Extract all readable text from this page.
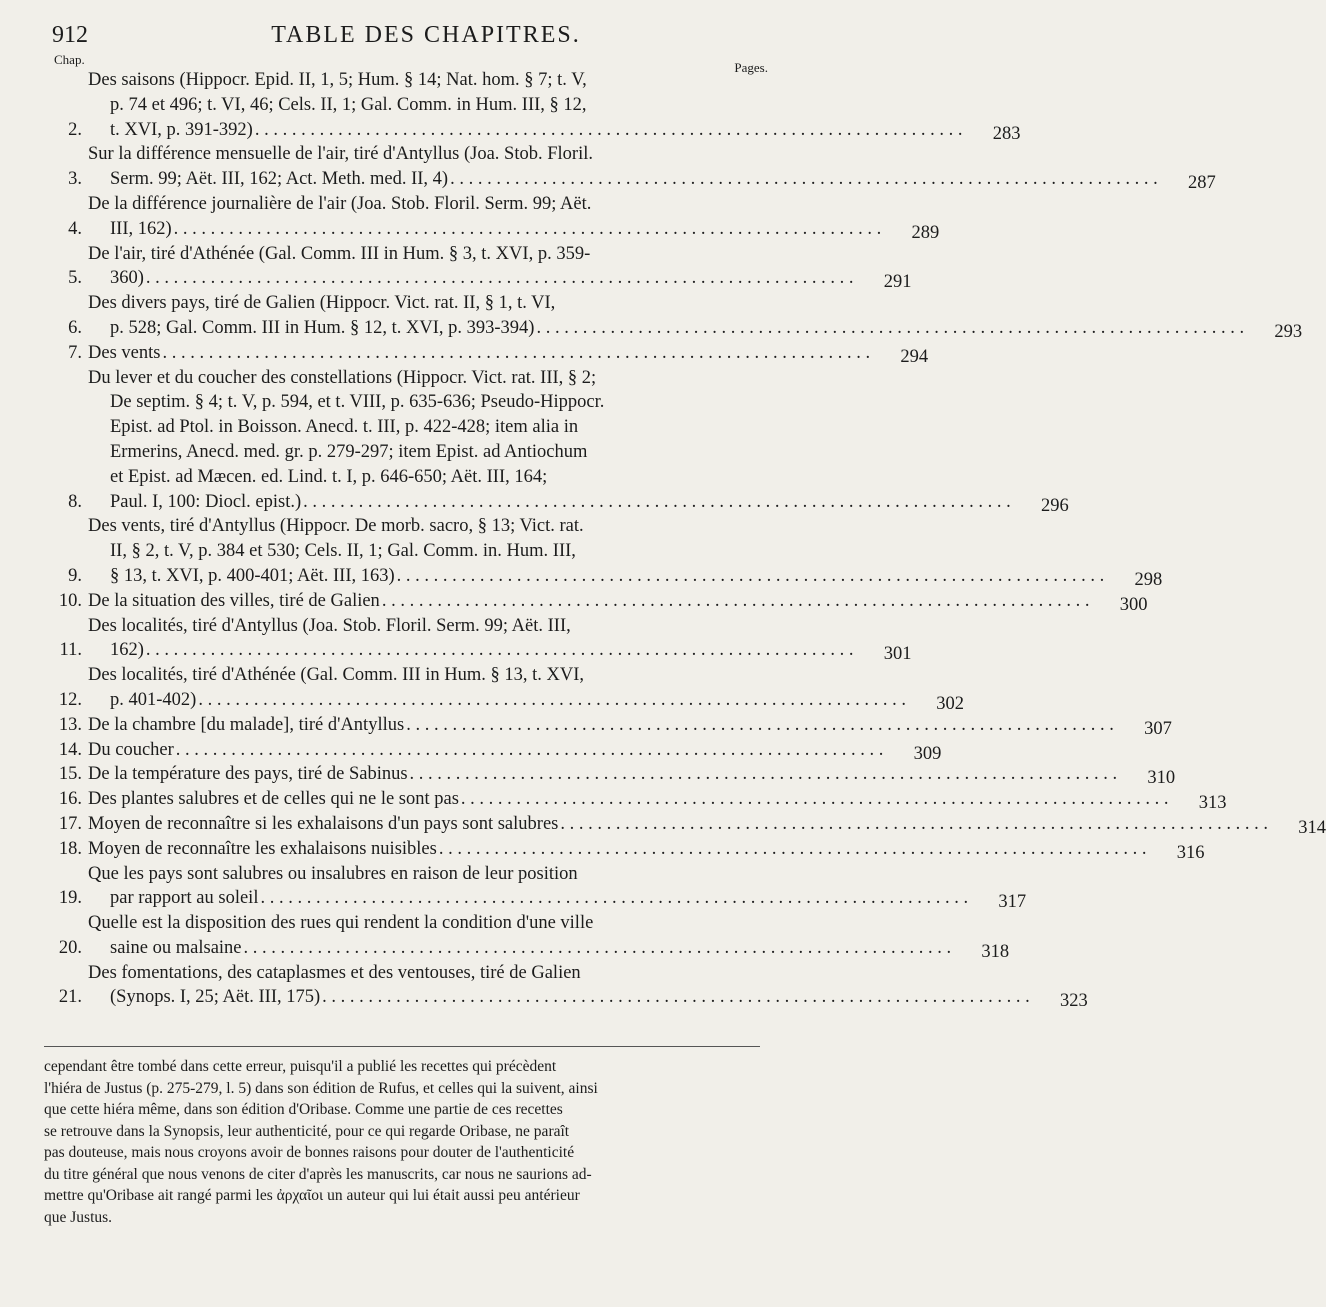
912	TABLE DES CHAPITRES.
Chap.
Pages.
2.
Des saisons (Hippocr. Epid. II, 1, 5; Hum. § 14; Nat. hom. § 7; t. V,
p. 74 et 496; t. VI, 46; Cels. II, 1; Gal. Comm. in Hum. III, § 12,
t. XVI, p. 391-392) . . .	283
3.
Sur la différence mensuelle de l'air, tiré d'Antyllus (Joa. Stob. Floril.
Serm. 99; Aët. III, 162; Act. Meth. med. II, 4) . . .	287
4.
De la différence journalière de l'air (Joa. Stob. Floril. Serm. 99; Aët.
III, 162) . . .	289
5.
De l'air, tiré d'Athénée (Gal. Comm. III in Hum. § 3, t. XVI, p. 359-
360) . . .	291
6.
Des divers pays, tiré de Galien (Hippocr. Vict. rat. II, § 1, t. VI,
p. 528; Gal. Comm. III in Hum. § 12, t. XVI, p. 393-394) . . .	293
7. Des vents . . .	294
8.
Du lever et du coucher des constellations (Hippocr. Vict. rat. III, § 2;
De septim. § 4; t. V, p. 594, et t. VIII, p. 635-636; Pseudo-Hippocr.
Epist. ad Ptol. in Boisson. Anecd. t. III, p. 422-428; item alia in
Ermerins, Anecd. med. gr. p. 279-297; item Epist. ad Antiochum
et Epist. ad Mæcen. ed. Lind. t. I, p. 646-650; Aët. III, 164;
Paul. I, 100: Diocl. epist.) . . .	296
9.
Des vents, tiré d'Antyllus (Hippocr. De morb. sacro, § 13; Vict. rat.
II, § 2, t. V, p. 384 et 530; Cels. II, 1; Gal. Comm. in. Hum. III,
§ 13, t. XVI, p. 400-401; Aët. III, 163) . . .	298
10. De la situation des villes, tiré de Galien . . .	300
11.
Des localités, tiré d'Antyllus (Joa. Stob. Floril. Serm. 99; Aët. III,
162) . . .	301
12.
Des localités, tiré d'Athénée (Gal. Comm. III in Hum. § 13, t. XVI,
p. 401-402) . . .	302
13. De la chambre [du malade], tiré d'Antyllus . . .	307
14. Du coucher . . .	309
15. De la température des pays, tiré de Sabinus . . .	310
16. Des plantes salubres et de celles qui ne le sont pas . . .	313
17. Moyen de reconnaître si les exhalaisons d'un pays sont salubres . . .	314
18. Moyen de reconnaître les exhalaisons nuisibles . . .	316
19.
Que les pays sont salubres ou insalubres en raison de leur position
par rapport au soleil . . .	317
20.
Quelle est la disposition des rues qui rendent la condition d'une ville
saine ou malsaine . . .	318
21.
Des fomentations, des cataplasmes et des ventouses, tiré de Galien
(Synops. I, 25; Aët. III, 175) . . .	323
cependant être tombé dans cette erreur, puisqu'il a publié les recettes qui précèdent
l'hiéra de Justus (p. 275-279, l. 5) dans son édition de Rufus, et celles qui la suivent, ainsi
que cette hiéra même, dans son édition d'Oribase. Comme une partie de ces recettes
se retrouve dans la Synopsis, leur authenticité, pour ce qui regarde Oribase, ne paraît
pas douteuse, mais nous croyons avoir de bonnes raisons pour douter de l'authenticité
du titre général que nous venons de citer d'après les manuscrits, car nous ne saurions ad-
mettre qu'Oribase ait rangé parmi les ἀρχαῖοι un auteur qui lui était aussi peu antérieur
que Justus.
